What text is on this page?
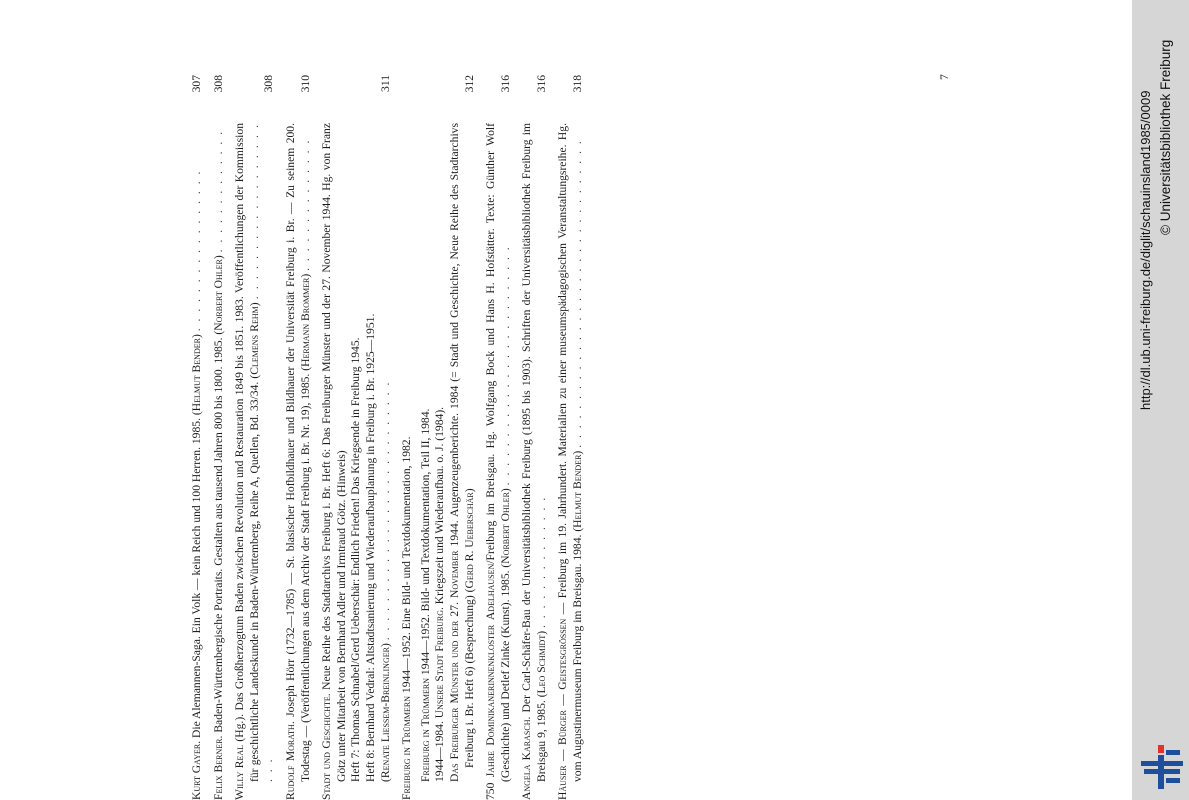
Kurt Gayer. Die Alemannen-Saga. Ein Volk — kein Reich und 100 Herren. 1985. (Helmut Bender) . . . . . . . . . . . . . . . . .
307
Felix Berner. Baden-Württembergische Portraits. Gestalten aus tausend Jahren 800 bis 1800. 1985. (Norbert Ohler) . . . . . . . . . . . . .
308
Willy Real (Hg.). Das Großherzogtum Baden zwischen Revolution und Restauration 1849 bis 1851. 1983. Veröffentlichungen der Kommission für geschichtliche Landeskunde in Baden-Württemberg, Reihe A, Quellen, Bd. 33/34. (Clemens Rehm) . . . . . . . . . . . . . . . . . . . . .
308
Rudolf Morath. Joseph Hörr (1732—1785) — St. blasischer Hofbildhauer und Bildhauer der Universität Freiburg i. Br. — Zu seinem 200. Todestag — (Veröffentlichungen aus dem Archiv der Stadt Freiburg i. Br. Nr. 19), 1985. (Hermann Brommer) . . . . . . . . . . . . . .
310
Stadt und Geschichte. Neue Reihe des Stadtarchivs Freiburg i. Br. Heft 6: Das Freiburger Münster und der 27. November 1944. Hg. von Franz Götz unter Mitarbeit von Bernhard Adler und Irmtraud Götz. (Hinweis) Heft 7: Thomas Schnabel/Gerd Ueberschär: Endlich Frieden! Das Kriegsende in Freiburg 1945. Heft 8: Bernhard Vedral: Altstadtsanierung und Wiederaufbauplanung in Freiburg i. Br. 1925—1951. (Renate Liessem-Breinlinger) . . . . . . . . . . . . . . . . . . . . . . . . . . .
311
Freiburg in Trümmern 1944—1952. Eine Bild- und Textdokumentation, 1982.
Freiburg in Trümmern 1944—1952. Bild- und Textdokumentation, Teil II, 1984.
1944—1984. Unsere Stadt Freiburg. Kriegszeit und Wiederaufbau. o. J. (1984).
Das Freiburger Münster und der 27. November 1944. Augenzeugenberichte. 1984 (= Stadt und Geschichte, Neue Reihe des Stadtarchivs Freiburg i. Br. Heft 6) (Besprechung) (Gerd R. Ueberschär)
312
750 Jahre Dominikanerinnenkloster Adelhausen/Freiburg im Breisgau. Hg. Wolfgang Bock und Hans H. Hofstätter. Texte: Günther Wolf (Geschichte) und Detlef Zinke (Kunst). 1985. (Norbert Ohler) . . . . . . . . . . . . . . . . . . . . . . . . .
316
Angela Karasch. Der Carl-Schäfer-Bau der Universitätsbibliothek Freiburg (1895 bis 1903). Schriften der Universitätsbibliothek Freiburg im Breisgau 9, 1985. (Leo Schmidt) . . . . . . . . . . . . . .
316
Häuser — Bürger — Geistesgrössen — Freiburg im 19. Jahrhundert. Materialien zu einer museumspädagogischen Veranstaltungsreihe. Hg. vom Augustinermuseum Freiburg im Breisgau. 1984. (Helmut Bender) . . . . . . . . . . . . . . . . . . . . . . . . . . . . . . . .
318	7
http://dl.ub.uni-freiburg.de/diglit/schauinsland1985/0009 © Universitätsbibliothek Freiburg
